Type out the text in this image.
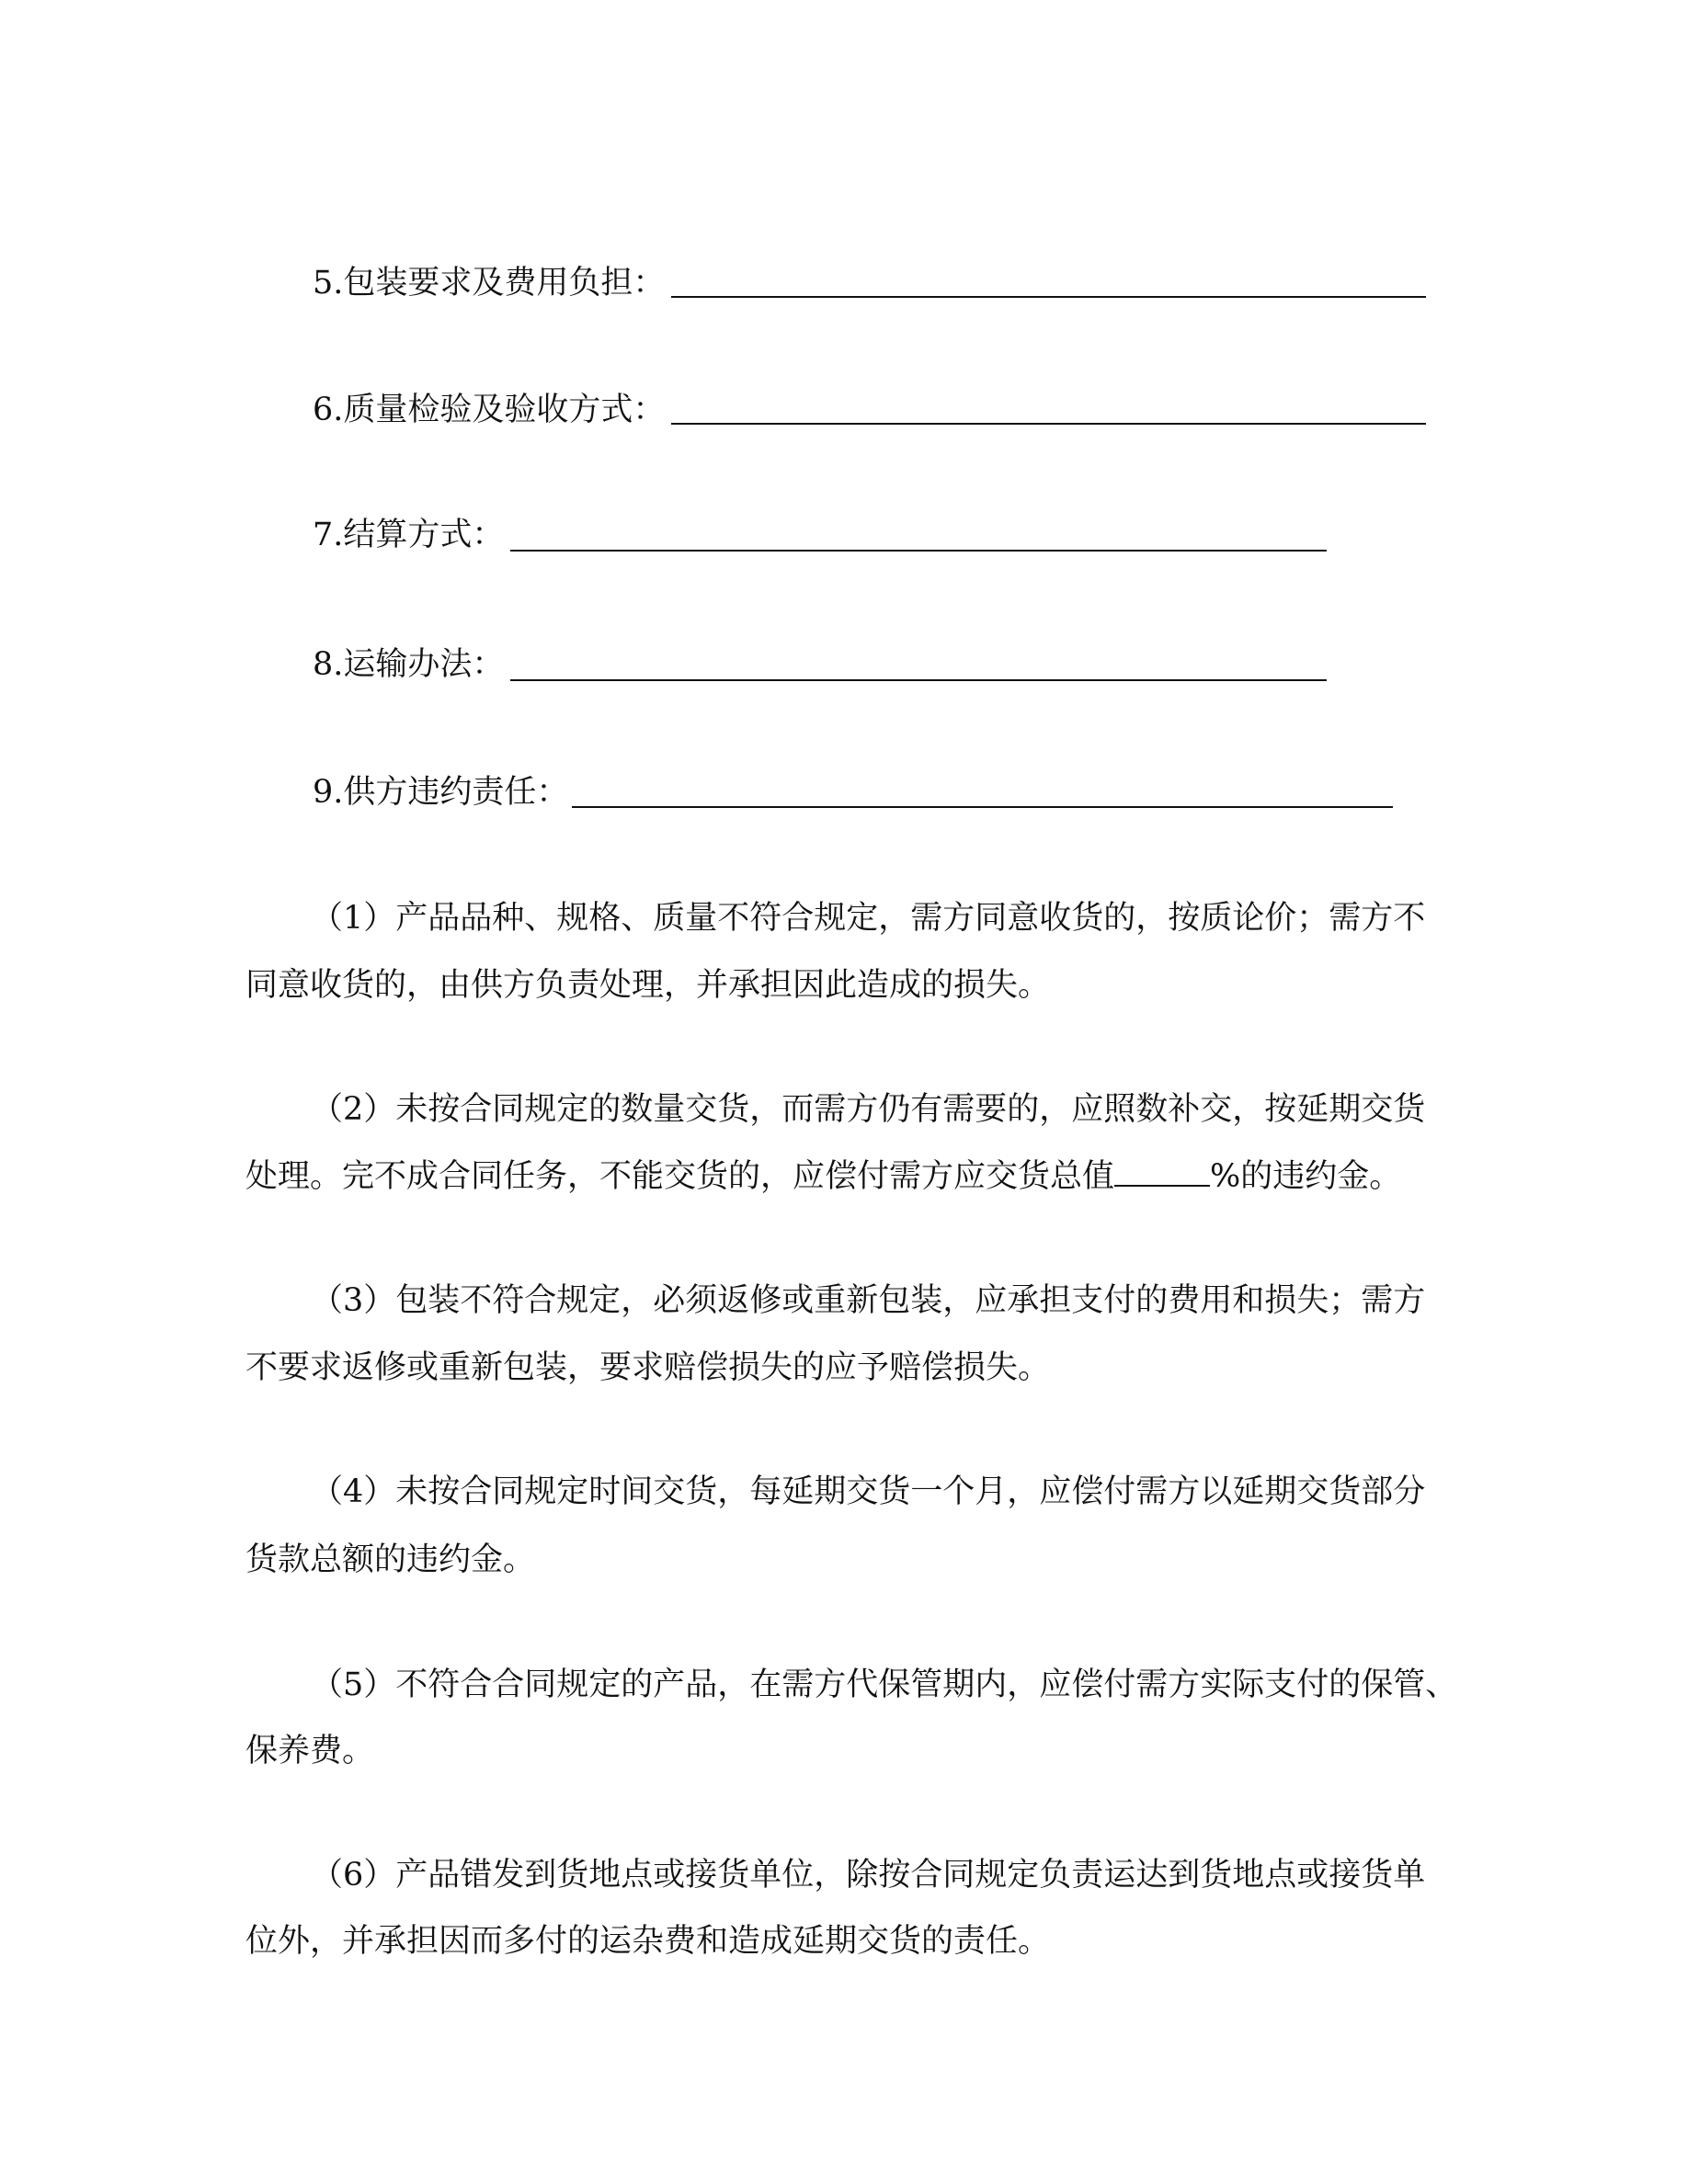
5.包装要求及费用负担：
6.质量检验及验收方式：
7.结算方式：
8.运输办法：
9.供方违约责任：
（1）产品品种、规格、质量不符合规定，需方同意收货的，按质论价；需方不
同意收货的，由供方负责处理，并承担因此造成的损失。
（2）未按合同规定的数量交货，而需方仍有需要的，应照数补交，按延期交货
处理。完不成合同任务，不能交货的，应偿付需方应交货总值	%的违约金。
（3）包装不符合规定，必须返修或重新包装，应承担支付的费用和损失；需方
不要求返修或重新包装，要求赔偿损失的应予赔偿损失。
（4）未按合同规定时间交货，每延期交货一个月，应偿付需方以延期交货部分
货款总额的违约金。
（5）不符合合同规定的产品，在需方代保管期内，应偿付需方实际支付的保管、
保养费。
（6）产品错发到货地点或接货单位，除按合同规定负责运达到货地点或接货单
位外，并承担因而多付的运杂费和造成延期交货的责任。
